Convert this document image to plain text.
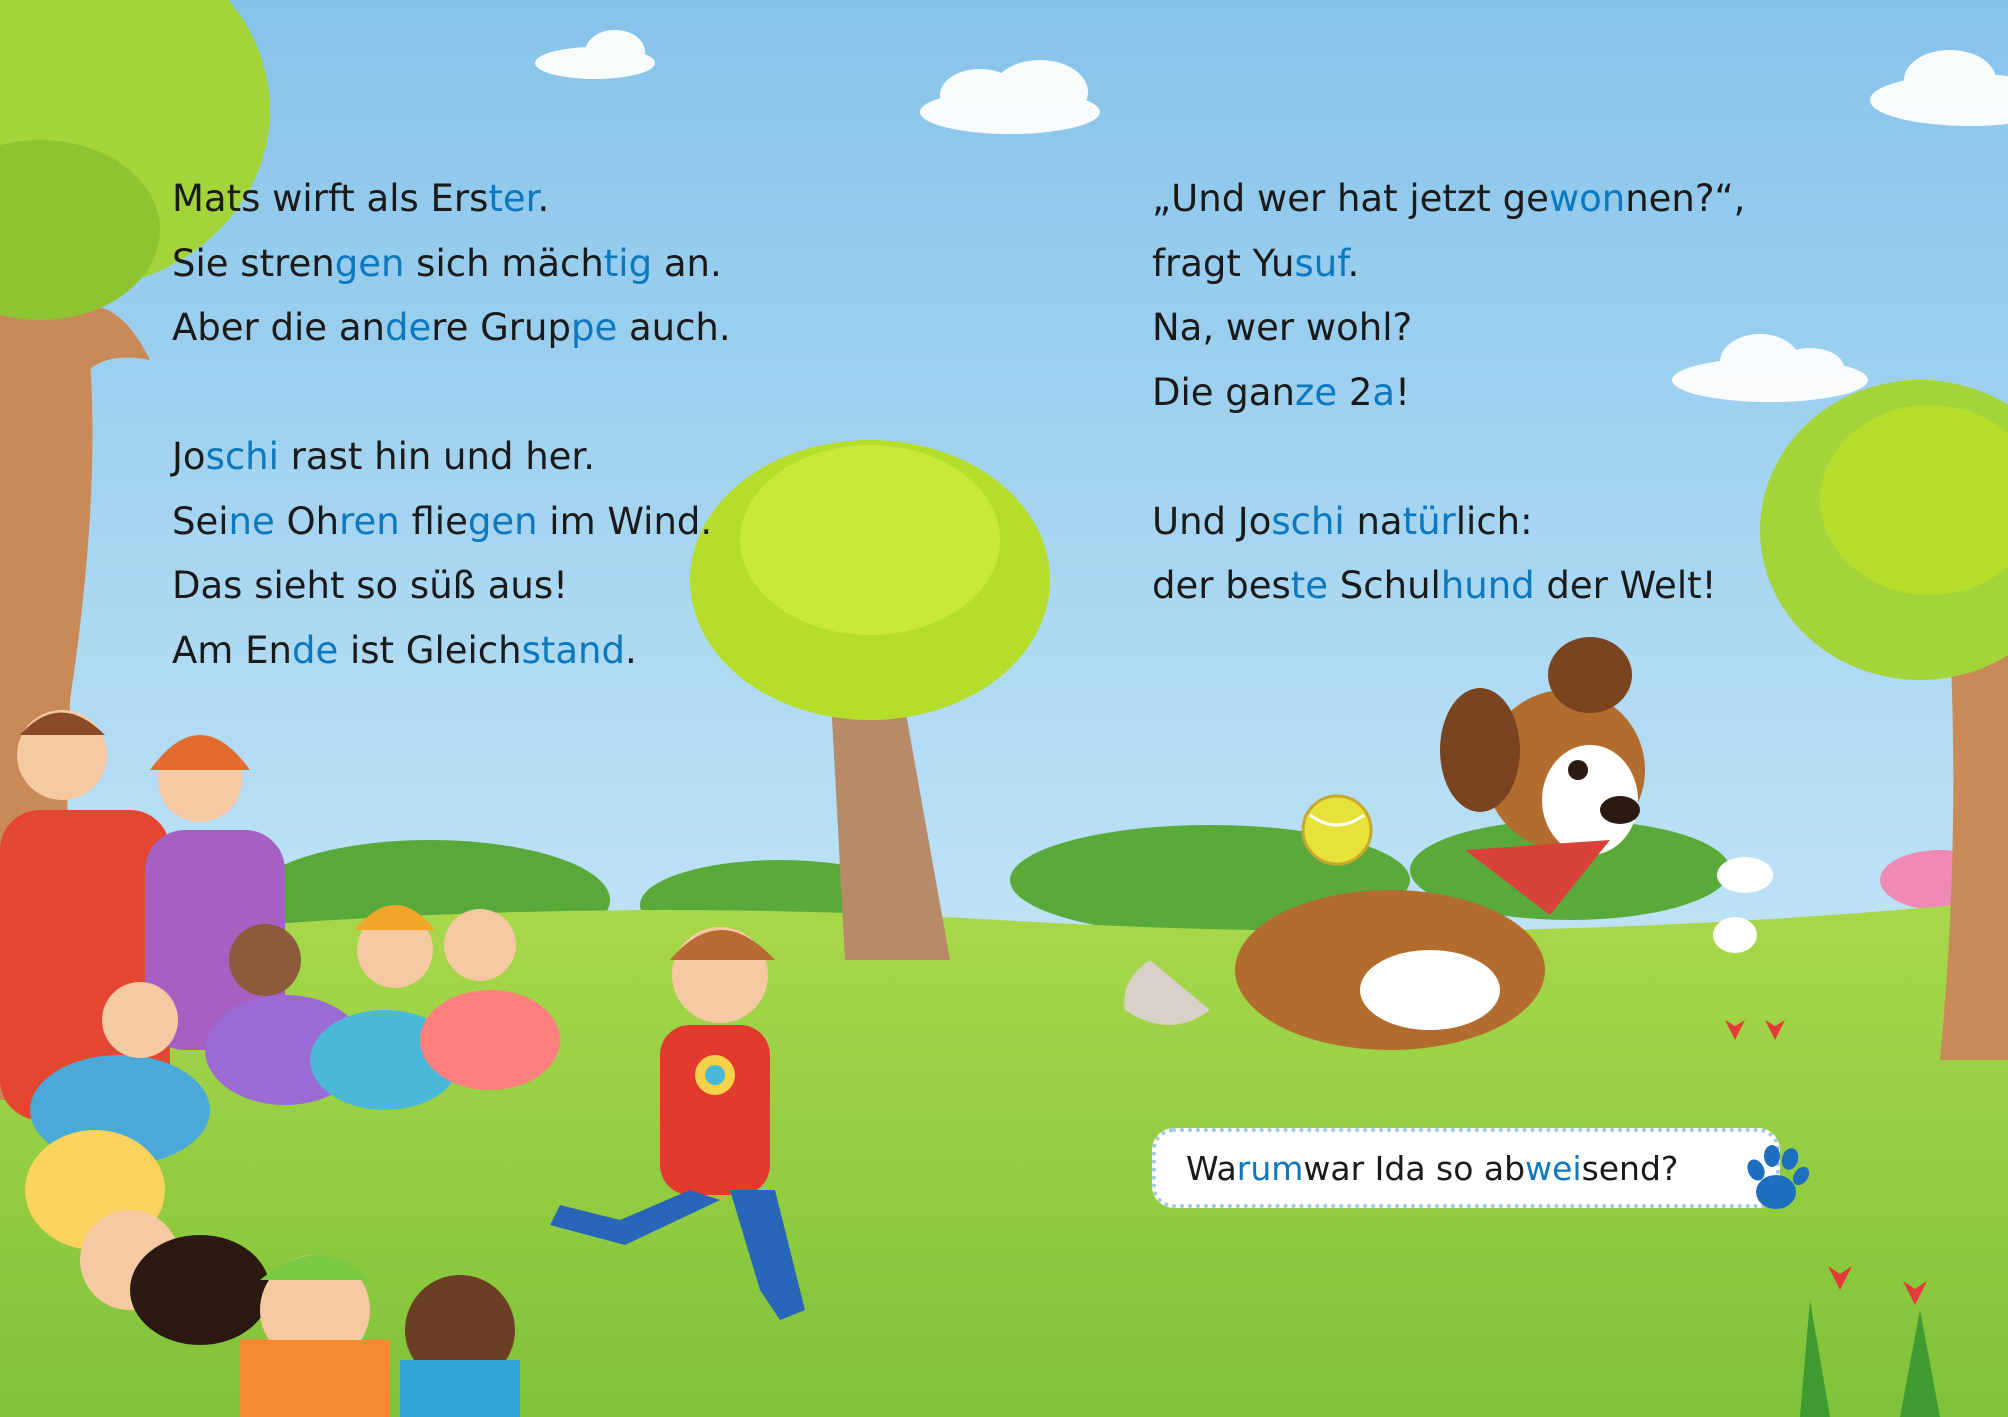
Mats wirft als Erster.
Sie strengen sich mächtig an.
Aber die andere Gruppe auch.
Joschi rast hin und her.
Seine Ohren fliegen im Wind.
Das sieht so süß aus!
Am Ende ist Gleichstand.
„Und wer hat jetzt gewonnen?“,
fragt Yusuf.
Na, wer wohl?
Die ganze 2a!
Und Joschi natürlich:
der beste Schulhund der Welt!
Wa rum war Ida so ab wei send?
